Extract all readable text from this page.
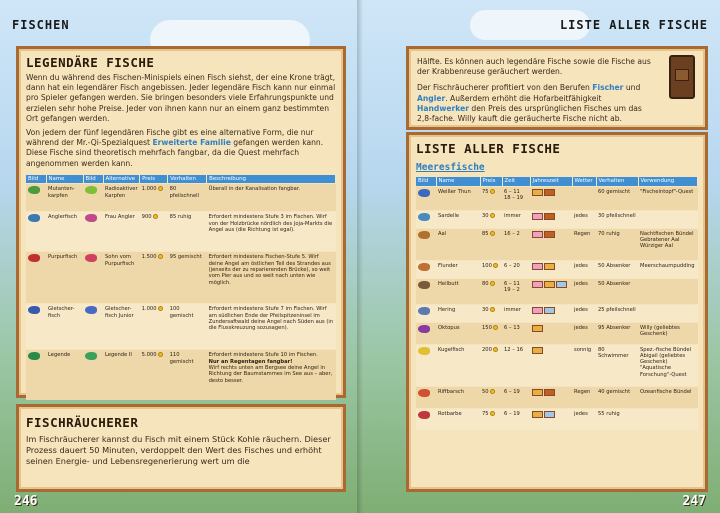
FISCHEN	LISTE ALLER FISCHE
LEGENDÄRE FISCHE
Wenn du während des Fischen-Minispiels einen Fisch siehst, der eine Krone trägt, dann hat ein legendärer Fisch angebissen. Jeder legendäre Fisch kann nur einmal pro Spieler gefangen werden. Sie bringen besonders viele Erfahrungspunkte und erzielen sehr hohe Preise. Jeder von ihnen kann nur an einem ganz bestimmten Ort gefangen werden.
Von jedem der fünf legendären Fische gibt es eine alternative Form, die nur während der Mr.-Qi-Spezialquest Erweiterte Familie gefangen werden kann. Diese Fische sind theoretisch mehrfach fangbar, da die Quest mehrfach angenommen werden kann.
Bild	Name	Bild	Alternative	Preis	Verhalten	Beschreibung
	Mutanten-karpfen		Radioaktiver Karpfen	1.000	80 pfeilschnell	Überall in der Kanalisation fangbar.
	Anglerfisch		Frau Angler	900	85 ruhig	Erfordert mindestens Stufe 3 im Fischen. Wirf von der Holzbrücke nördlich des Joja-Markts die Angel aus (die Richtung ist egal).
	Purpurfisch		Sohn vom Purpurfisch	1.500	95 gemischt	Erfordert mindestens Fischen-Stufe 5. Wirf deine Angel am östlichen Teil des Strandes aus (jenseits der zu reparierenden Brücke), so weit vom Pier aus und so weit nach unten wie möglich.
	Gletscher-fisch		Gletscher-fisch Junior	1.000	100 gemischt	Erfordert mindestens Stufe 7 im Fischen. Wirf am südlichen Ende der Pfeilspitzeninsel im Zundersaftwald deine Angel nach Süden aus (in die Flusskreuzung sozusagen).
	Legende		Legende II	5.000	110 gemischt	Erfordert mindestens Stufe 10 im Fischen.
Nur an Regentagen fangbar!
Wirf rechts unten am Bergsee deine Angel in Richtung der Baumstammes im See aus – aber, desto besser.
FISCHRÄUCHERER
Im Fischräucherer kannst du Fisch mit einem Stück Kohle räuchern. Dieser Prozess dauert 50 Minuten, verdoppelt den Wert des Fisches und erhöht seinen Energie- und Lebensregenerierung wert um die
246
Hälfte. Es können auch legendäre Fische sowie die Fische aus der Krabbenreuse geräuchert werden.
Der Fischräucherer profitiert von den Berufen Fischer und Angler. Außerdem erhöht die Hofarbeitfähigkeit Handwerker den Preis des ursprünglichen Fisches um das 2,8-fache. Willy kauft die geräucherte Fische nicht ab.
LISTE ALLER FISCHE
Meeresfische
Bild	Name	Preis	Zeit	Jahreszeit	Wetter	Verhalten	Verwendung
	Weißer Thun	75	6 – 11
18 – 19			60 gemischt	"Fischeintopf"-Quest
	Sardelle	30	immer		jedes	30 pfeilschnell	
	Aal	85	16 – 2		Regen	70 ruhig	Nachtfischen Bündel
Gebratener Aal
Würziger Aal
	Flunder	100	6 – 20		jedes	50 Absenker	Meerschaumpudding
	Heilbutt	80	6 – 11
19 – 2		jedes	50 Absenker	
	Hering	30	immer		jedes	25 pfeilschnell	
	Oktopus	150	6 – 13		jedes	95 Absenker	Willy (geliebtes Geschenk)
	Kugelfisch	200	12 – 16		sonnig	80 Schwimmer	Spez.-fische Bündel
Abigail (geliebtes Geschenk)
"Aquatische Forschung"-Quest
	Riffbarsch	50	6 – 19		Regen	40 gemischt	Ozeanfische Bündel
	Rotbarbe	75	6 – 19		jedes	55 ruhig	
247
